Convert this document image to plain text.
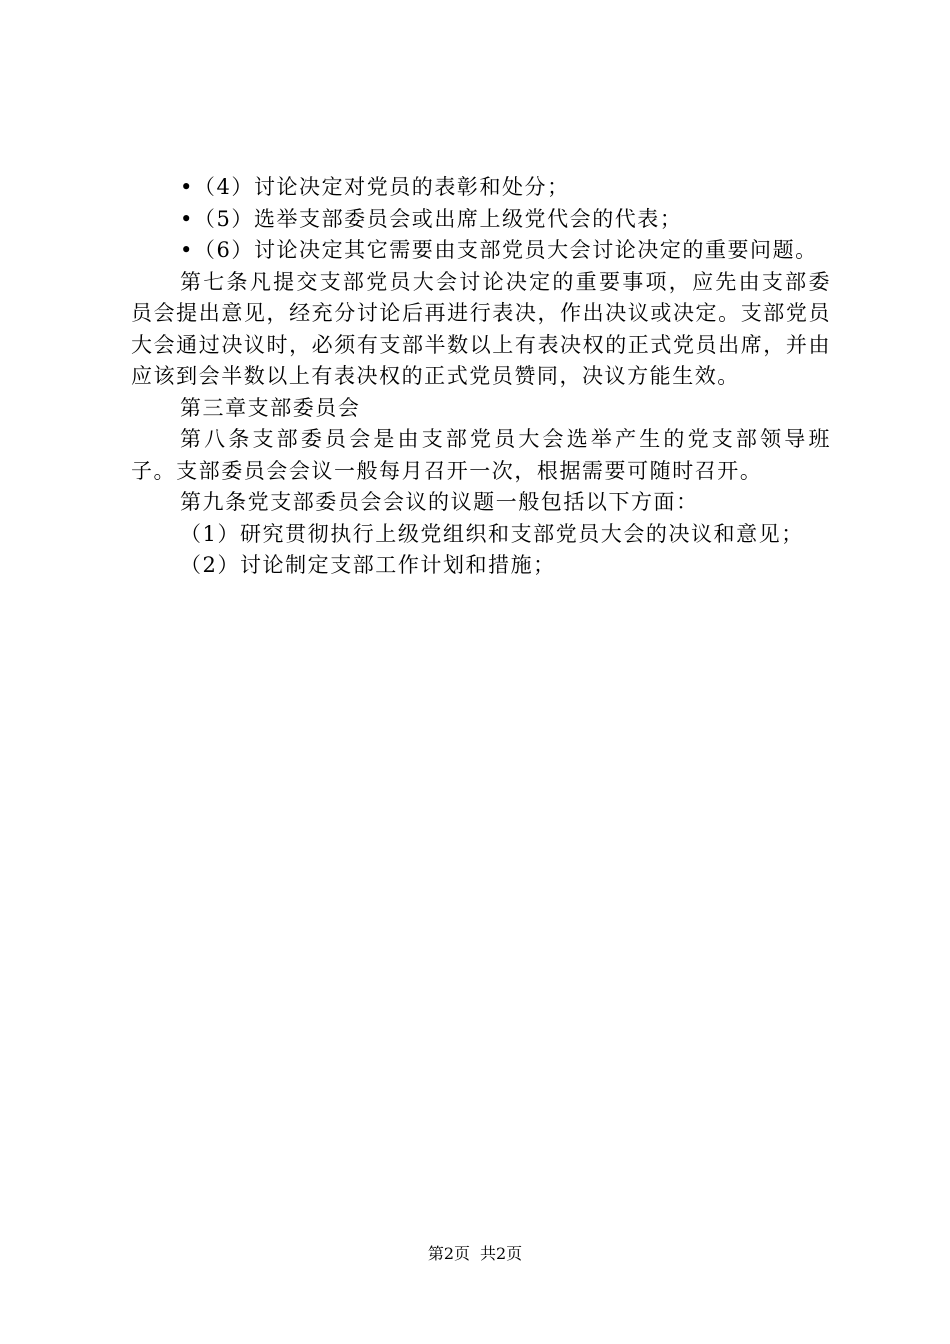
•（4）讨论决定对党员的表彰和处分；

•（5）选举支部委员会或出席上级党代会的代表；

•（6）讨论决定其它需要由支部党员大会讨论决定的重要问题。

第七条凡提交支部党员大会讨论决定的重要事项，应先由支部委员会提出意见，经充分讨论后再进行表决，作出决议或决定。支部党员大会通过决议时，必须有支部半数以上有表决权的正式党员出席，并由应该到会半数以上有表决权的正式党员赞同，决议方能生效。

第三章支部委员会

第八条支部委员会是由支部党员大会选举产生的党支部领导班子。支部委员会会议一般每月召开一次，根据需要可随时召开。

第九条党支部委员会会议的议题一般包括以下方面：

（1）研究贯彻执行上级党组织和支部党员大会的决议和意见；

（2）讨论制定支部工作计划和措施；

第2页 共2页
